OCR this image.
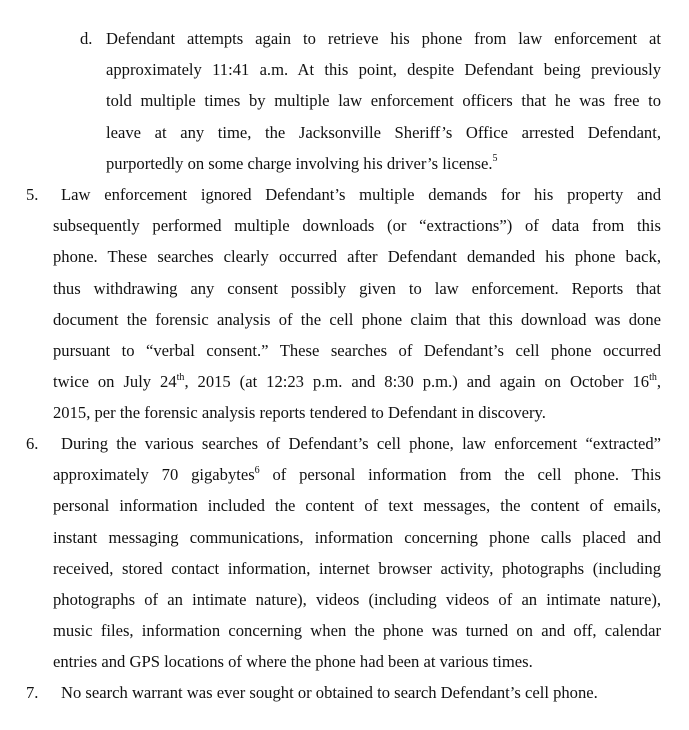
d. Defendant attempts again to retrieve his phone from law enforcement at
approximately 11:41 a.m. At this point, despite Defendant being previously
told multiple times by multiple law enforcement officers that he was free to
leave at any time, the Jacksonville Sheriff’s Office arrested Defendant,
purportedly on some charge involving his driver’s license.$^5$
5.	Law enforcement ignored Defendant’s multiple demands for his property and
subsequently performed multiple downloads (or “extractions”) of data from this
phone. These searches clearly occurred after Defendant demanded his phone back,
thus withdrawing any consent possibly given to law enforcement. Reports that
document the forensic analysis of the cell phone claim that this download was done
pursuant to “verbal consent.” These searches of Defendant’s cell phone occurred
twice on July 24th, 2015 (at 12:23 p.m. and 8:30 p.m.) and again on October 16th,
2015, per the forensic analysis reports tendered to Defendant in discovery.
6.	During the various searches of Defendant’s cell phone, law enforcement “extracted”
approximately 70 gigabytes$^6$ of personal information from the cell phone. This
personal information included the content of text messages, the content of emails,
instant messaging communications, information concerning phone calls placed and
received, stored contact information, internet browser activity, photographs (including
photographs of an intimate nature), videos (including videos of an intimate nature),
music files, information concerning when the phone was turned on and off, calendar
entries and GPS locations of where the phone had been at various times.
7. No search warrant was ever sought or obtained to search Defendant’s cell phone.
